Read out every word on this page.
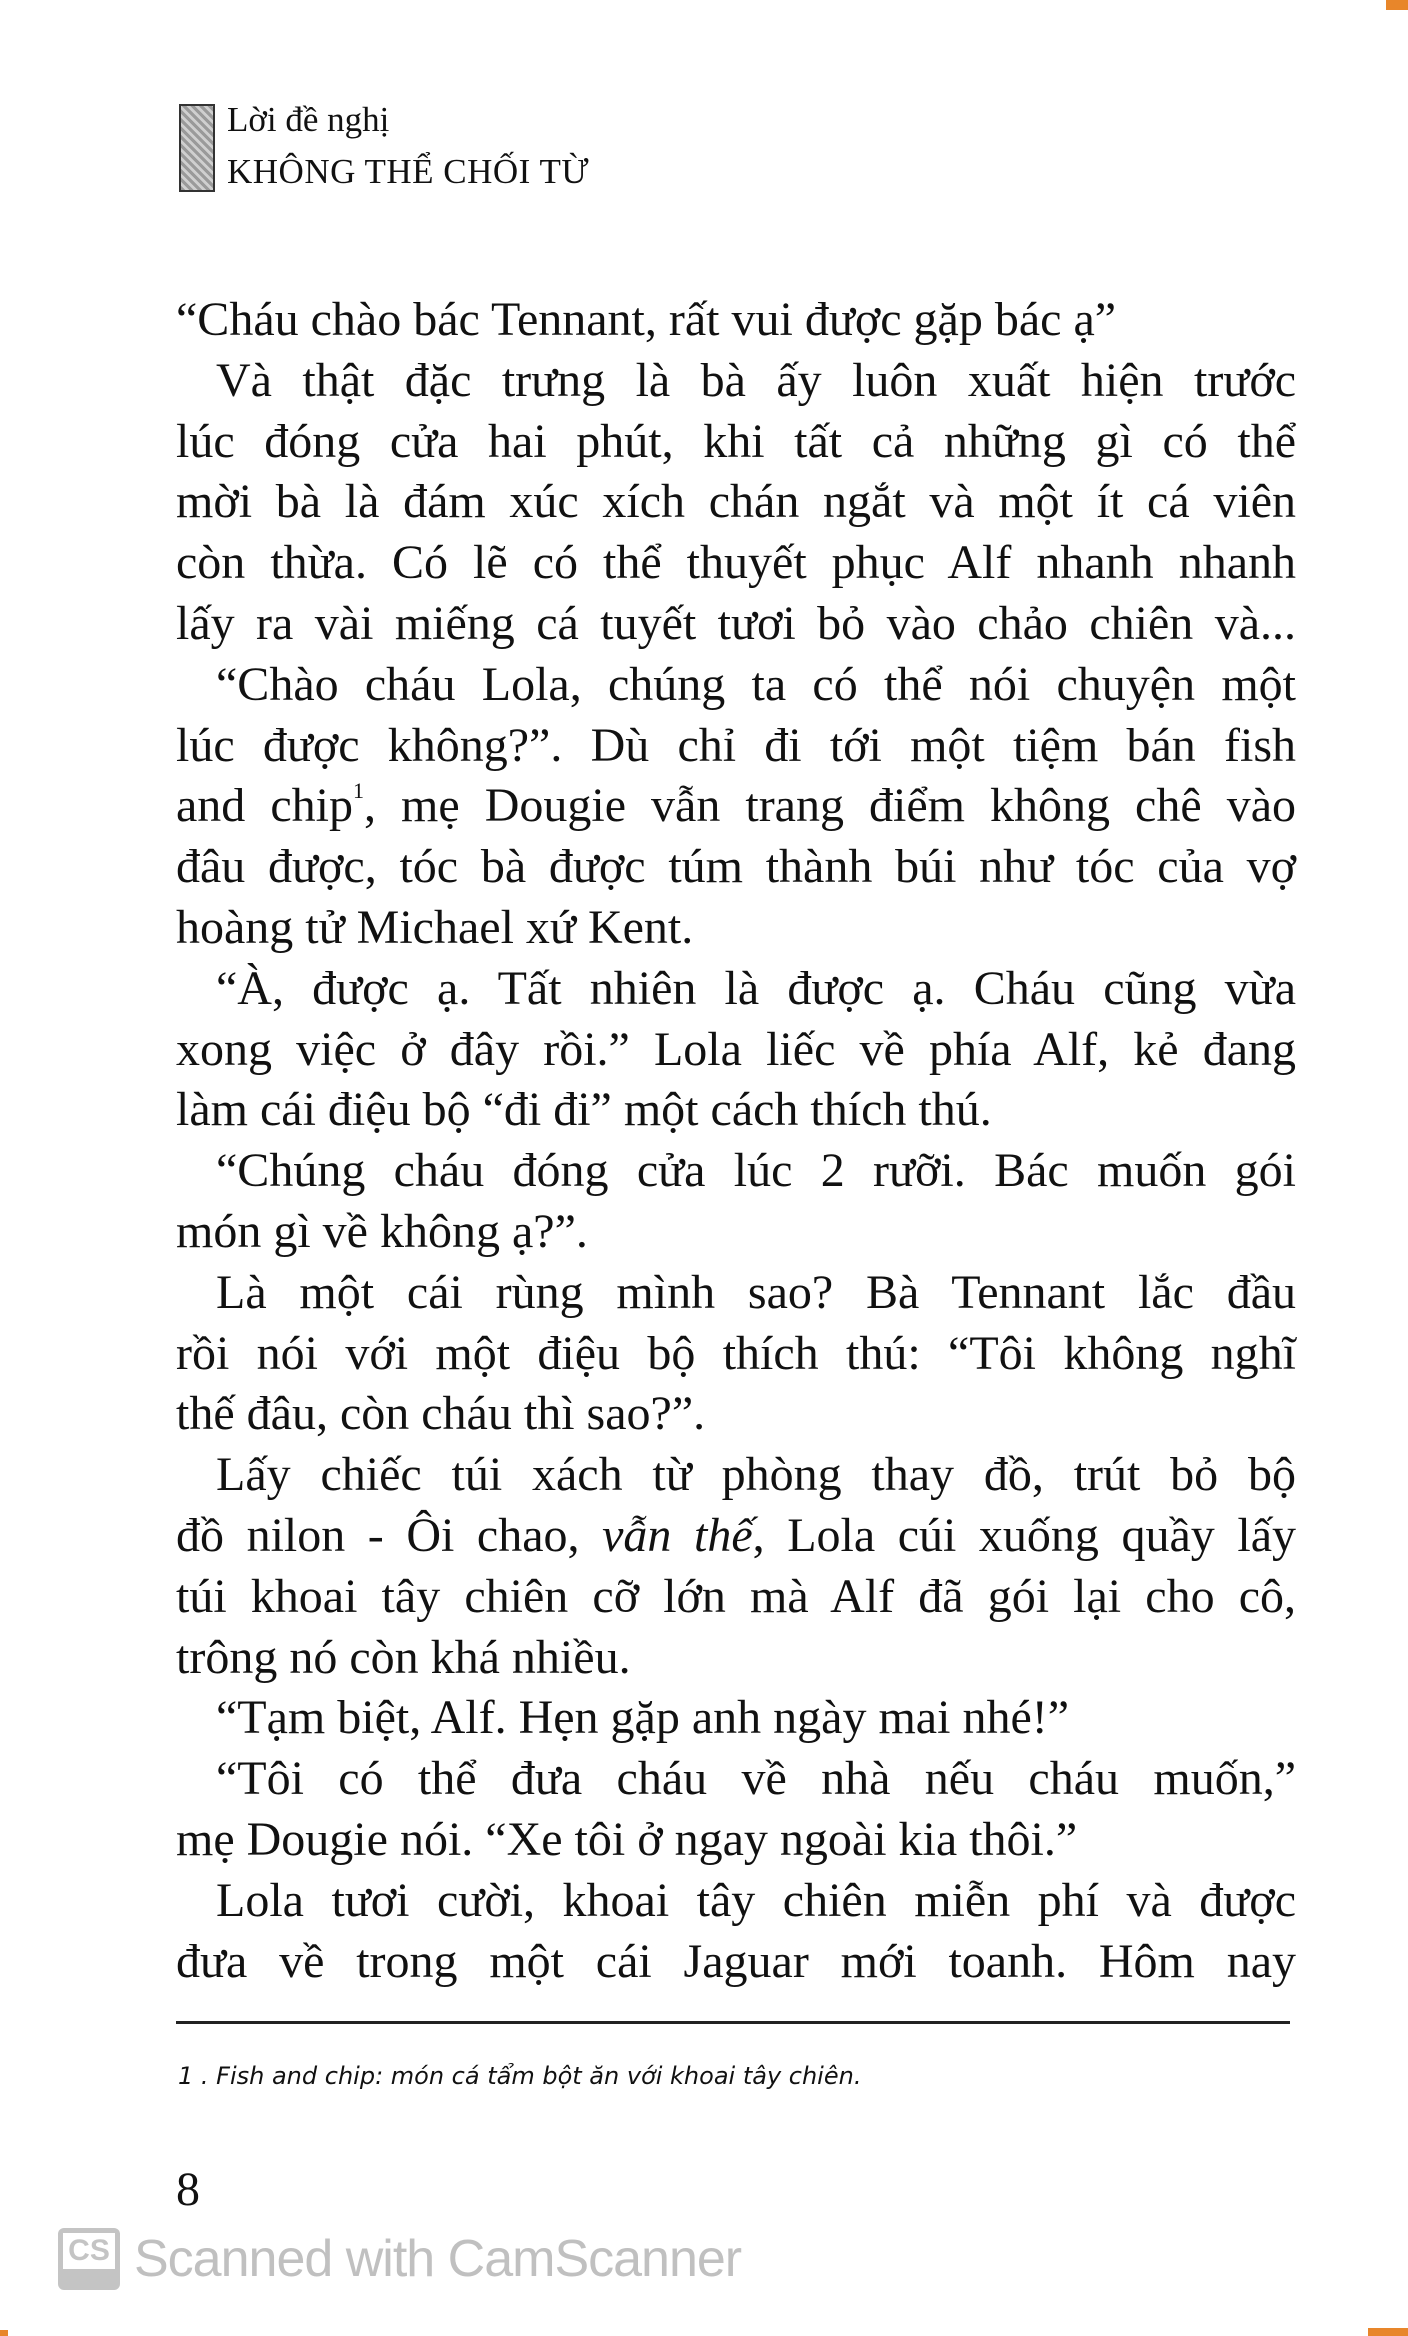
Lời đề nghị
KHÔNG THỂ CHỐI TỪ
“Cháu chào bác Tennant, rất vui được gặp bác ạ”
Và thật đặc trưng là bà ấy luôn xuất hiện trước
lúc đóng cửa hai phút, khi tất cả những gì có thể
mời bà là đám xúc xích chán ngắt và một ít cá viên
còn thừa. Có lẽ có thể thuyết phục Alf nhanh nhanh
lấy ra vài miếng cá tuyết tươi bỏ vào chảo chiên và...
“Chào cháu Lola, chúng ta có thể nói chuyện một
lúc được không?”. Dù chỉ đi tới một tiệm bán fish
and chip$^1$, mẹ Dougie vẫn trang điểm không chê vào
đâu được, tóc bà được túm thành búi như tóc của vợ
hoàng tử Michael xứ Kent.
“À, được ạ. Tất nhiên là được ạ. Cháu cũng vừa
xong việc ở đây rồi.” Lola liếc về phía Alf, kẻ đang
làm cái điệu bộ “đi đi” một cách thích thú.
“Chúng cháu đóng cửa lúc 2 rưỡi. Bác muốn gói
món gì về không ạ?”.
Là một cái rùng mình sao? Bà Tennant lắc đầu
rồi nói với một điệu bộ thích thú: “Tôi không nghĩ
thế đâu, còn cháu thì sao?”.
Lấy chiếc túi xách từ phòng thay đồ, trút bỏ bộ
đồ nilon - Ôi chao, vẫn thế, Lola cúi xuống quầy lấy
túi khoai tây chiên cỡ lớn mà Alf đã gói lại cho cô,
trông nó còn khá nhiều.
“Tạm biệt, Alf. Hẹn gặp anh ngày mai nhé!”
“Tôi có thể đưa cháu về nhà nếu cháu muốn,”
mẹ Dougie nói. “Xe tôi ở ngay ngoài kia thôi.”
Lola tươi cười, khoai tây chiên miễn phí và được
đưa về trong một cái Jaguar mới toanh. Hôm nay
1 . Fish and chip: món cá tẩm bột ăn với khoai tây chiên.
8
CS Scanned with CamScanner
